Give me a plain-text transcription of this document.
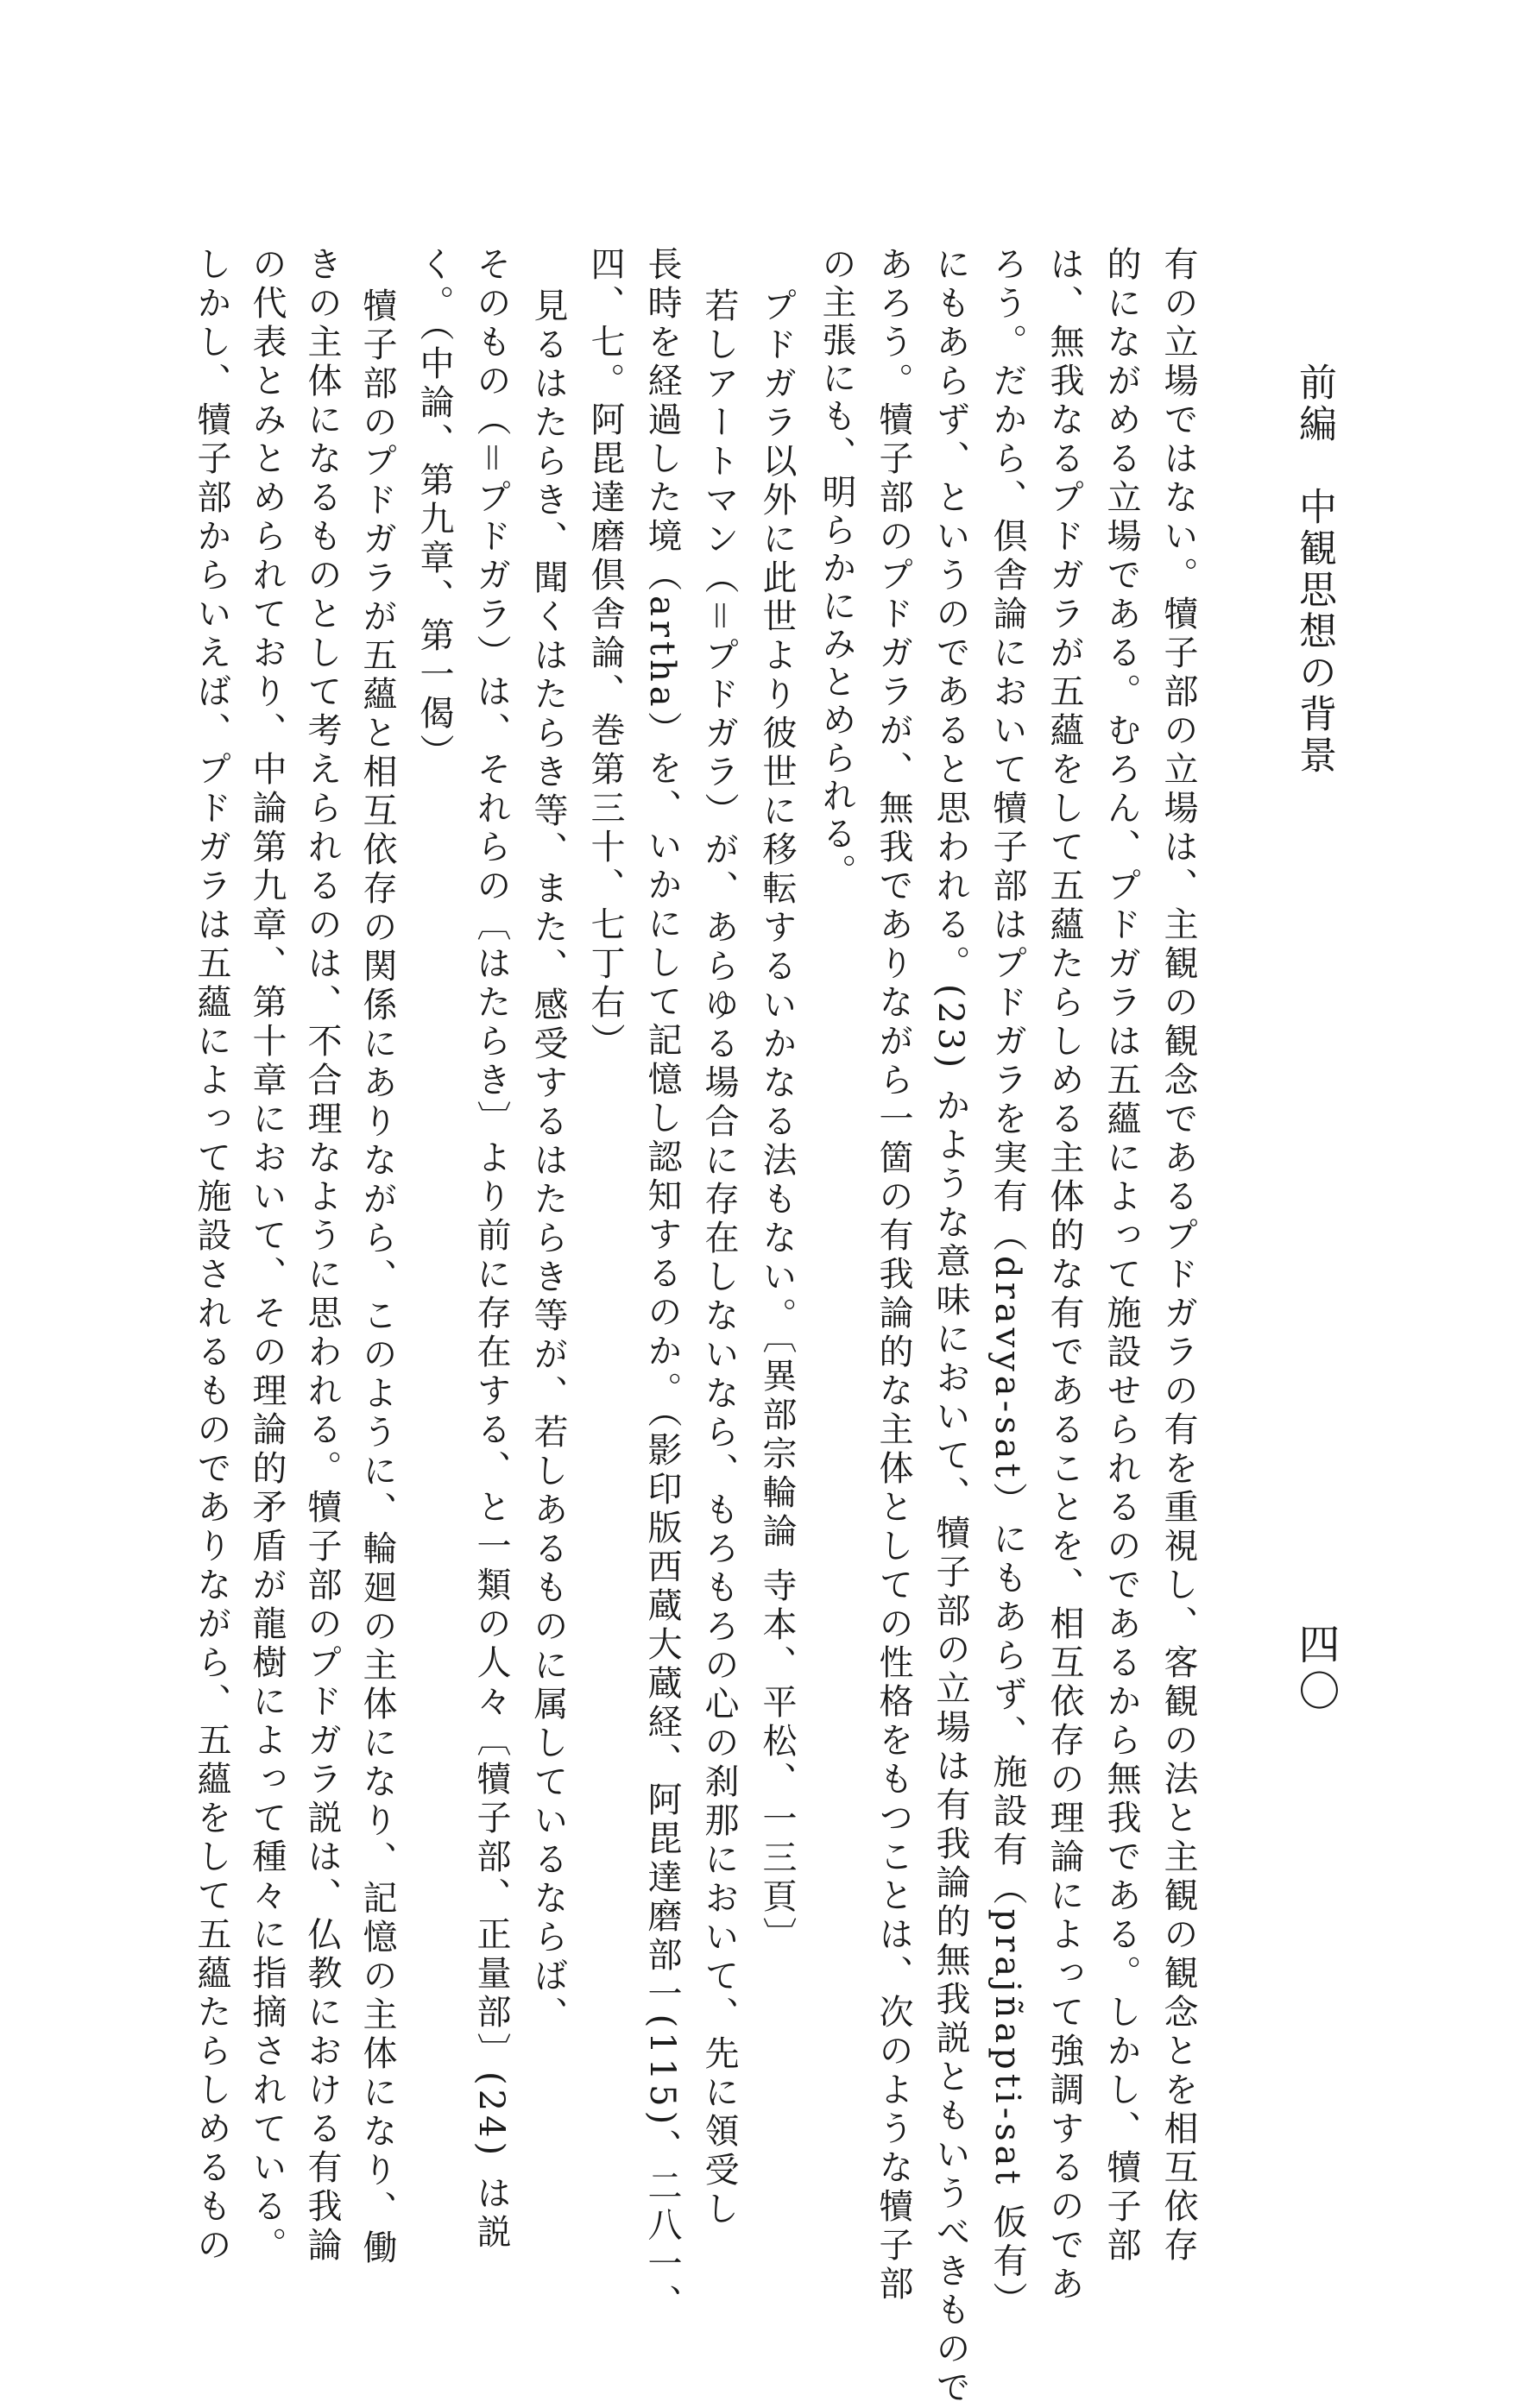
前編　中観思想の背景
四〇
有の立場ではない。犢子部の立場は、主観の観念であるプドガラの有を重視し、客観の法と主観の観念とを相互依存
的にながめる立場である。むろん、プドガラは五蘊によって施設せられるのであるから無我である。しかし、犢子部
は、無我なるプドガラが五蘊をして五蘊たらしめる主体的な有であることを、相互依存の理論によって強調するのであ
ろう。だから、倶舎論において犢子部はプドガラを実有（dravya-sat）にもあらず、施設有（prajñapti-sat 仮有）
にもあらず、というのであると思われる。(23) かような意味において、犢子部の立場は有我論的無我説ともいうべきもので
あろう。犢子部のプドガラが、無我でありながら一箇の有我論的な主体としての性格をもつことは、次のような犢子部
の主張にも、明らかにみとめられる。
プドガラ以外に此世より彼世に移転するいかなる法もない。〔異部宗輪論 寺本、平松、一三頁〕
若しアートマン（＝プドガラ）が、あらゆる場合に存在しないなら、もろもろの心の刹那において、先に領受し
長時を経過した境（artha）を、いかにして記憶し認知するのか。（影印版西蔵大蔵経、阿毘達磨部一(115)、二八一、
四、七。阿毘達磨倶舎論、巻第三十、七丁右）
見るはたらき、聞くはたらき等、また、感受するはたらき等が、若しあるものに属しているならば、
そのもの（＝プドガラ）は、それらの〔はたらき〕より前に存在する、と一類の人々〔犢子部、正量部〕(24) は説
く。（中論、第九章、第一偈）
犢子部のプドガラが五蘊と相互依存の関係にありながら、このように、輪廻の主体になり、記憶の主体になり、働
きの主体になるものとして考えられるのは、不合理なように思われる。犢子部のプドガラ説は、仏教における有我論
の代表とみとめられており、中論第九章、第十章において、その理論的矛盾が龍樹によって種々に指摘されている。
しかし、犢子部からいえば、プドガラは五蘊によって施設されるものでありながら、五蘊をして五蘊たらしめるもの
